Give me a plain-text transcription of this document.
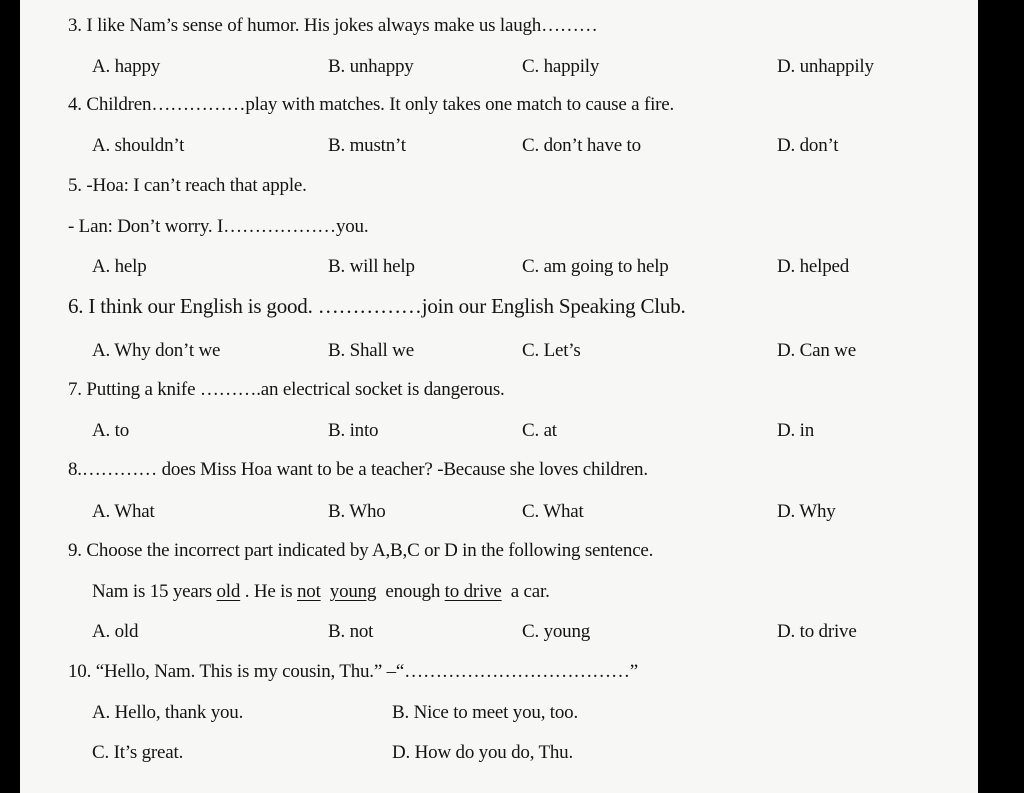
3. I like Nam’s sense of humor. His jokes always make us laugh………
A. happy	B. unhappy	C. happily	D. unhappily
4. Children……………play with matches. It only takes one match to cause a fire.
A. shouldn’t	B. mustn’t	C. don’t have to	D. don’t
5. -Hoa: I can’t reach that apple.
- Lan: Don’t worry. I………………you.
A. help	B. will help	C. am going to help	D. helped
6. I think our English is good. ……………join our English Speaking Club.
A. Why don’t we	B. Shall we	C. Let’s	D. Can we
7. Putting a knife ……….an electrical socket is dangerous.
A. to	B. into	C. at	D. in
8.………… does Miss Hoa want to be a teacher? -Because she loves children.
A. What	B. Who	C. What	D. Why
9. Choose the incorrect part indicated by A,B,C or D in the following sentence.
Nam is 15 years old . He is not young  enough to drive  a car.
A. old	B. not	C. young	D. to drive
10. “Hello, Nam. This is my cousin, Thu.” –“………………………………”
A. Hello, thank you.	B. Nice to meet you, too.
C. It’s great.	D. How do you do, Thu.
